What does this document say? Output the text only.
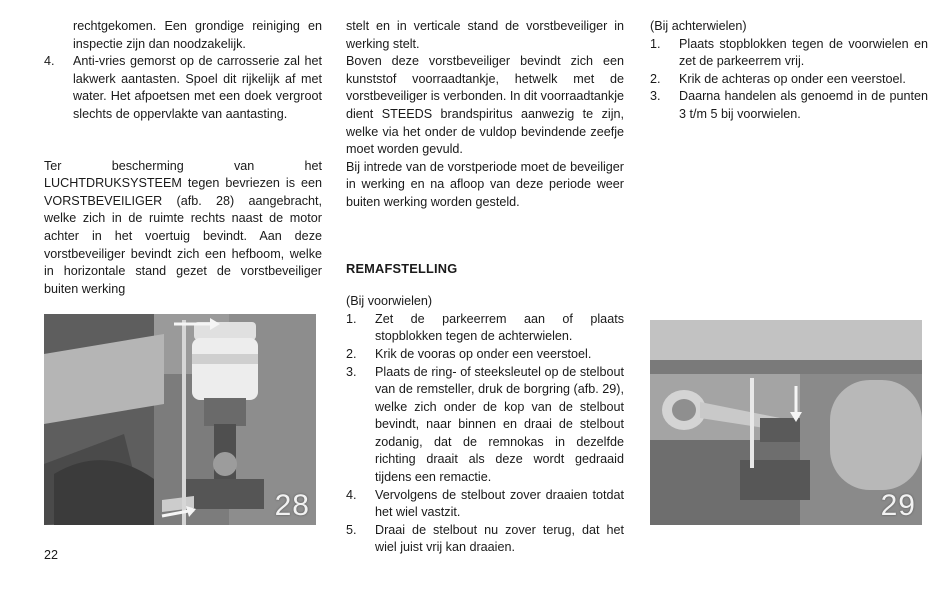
rechtgekomen. Een grondige reiniging en inspectie zijn dan noodzakelijk.

4.	Anti-vries gemorst op de carrosserie zal het lakwerk aantasten. Spoel dit rijkelijk af met water. Het afpoetsen met een doek vergroot slechts de oppervlakte van aantasting.

Ter bescherming van het LUCHTDRUKSYSTEEM tegen bevriezen is een VORSTBEVEILIGER (afb. 28) aangebracht, welke zich in de ruimte rechts naast de motor achter in het voertuig bevindt. Aan deze vorstbeveiliger bevindt zich een hefboom, welke in horizontale stand gezet de vorstbeveiliger buiten werking

28

stelt en in verticale stand de vorstbeveiliger in werking stelt.

Boven deze vorstbeveiliger bevindt zich een kunststof voorraadtankje, hetwelk met de vorstbeveiliger is verbonden. In dit voorraadtankje dient STEEDS brandspiritus aanwezig te zijn, welke via het onder de vuldop bevindende zeefje moet worden gevuld.

Bij intrede van de vorstperiode moet de beveiliger in werking en na afloop van deze periode weer buiten werking worden gesteld.

REMAFSTELLING
(Bij voorwielen)
1.	Zet de parkeerrem aan of plaats stopblokken tegen de achterwielen.
2.	Krik de vooras op onder een veerstoel.
3.	Plaats de ring- of steeksleutel op de stelbout van de remsteller, druk de borgring (afb. 29), welke zich onder de kop van de stelbout bevindt, naar binnen en draai de stelbout zodanig, dat de remnokas in dezelfde richting draait als deze wordt gedraaid tijdens een remactie.
4.	Vervolgens de stelbout zover draaien totdat het wiel vastzit.
5.	Draai de stelbout nu zover terug, dat het wiel juist vrij kan draaien.
(Bij achterwielen)
1.	Plaats stopblokken tegen de voorwielen en zet de parkeerrem vrij.
2.	Krik de achteras op onder een veerstoel.
3.	Daarna handelen als genoemd in de punten 3 t/m 5 bij voorwielen.
29
22
